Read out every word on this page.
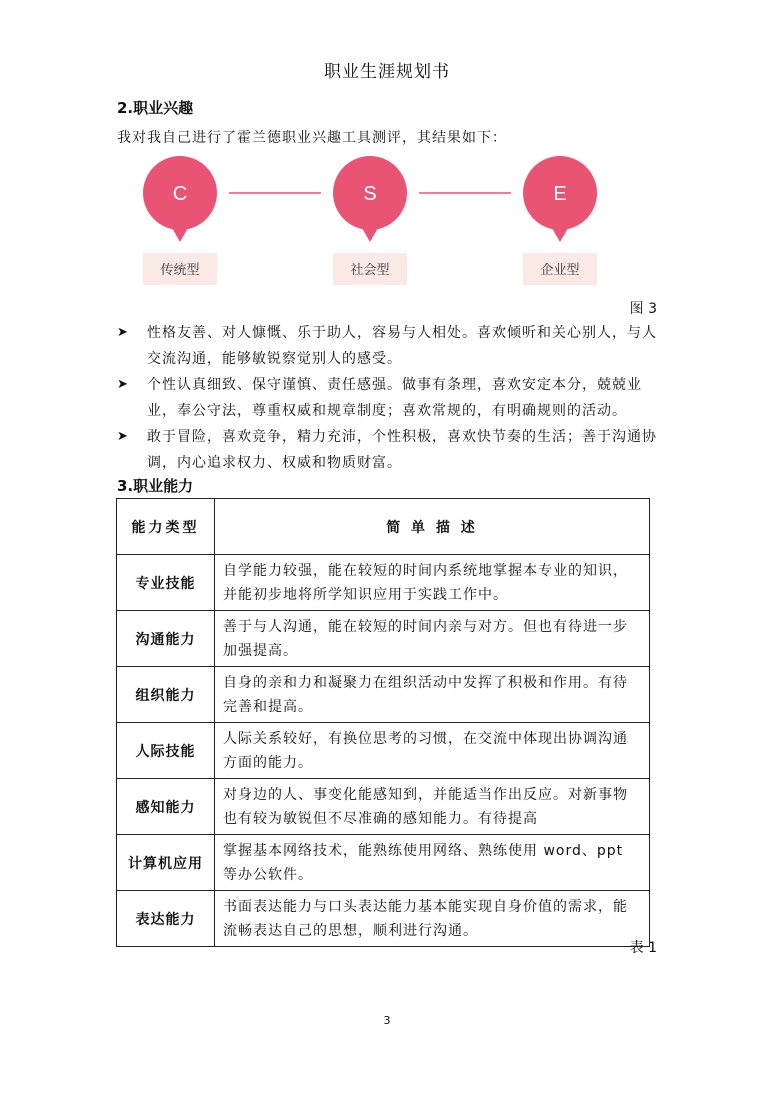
职业生涯规划书
2.职业兴趣
我对我自己进行了霍兰德职业兴趣工具测评，其结果如下：
C
传统型
S
社会型
E
企业型
图 3
➤ 性格友善、对人慷慨、乐于助人，容易与人相处。喜欢倾听和关心别人，与人交流沟通，能够敏锐察觉别人的感受。
➤ 个性认真细致、保守谨慎、责任感强。做事有条理，喜欢安定本分，兢兢业业，奉公守法，尊重权威和规章制度；喜欢常规的，有明确规则的活动。
➤ 敢于冒险，喜欢竞争，精力充沛，个性积极，喜欢快节奏的生活；善于沟通协调，内心追求权力、权威和物质财富。
3.职业能力
能力类型	简 单 描 述
专业技能	自学能力较强，能在较短的时间内系统地掌握本专业的知识，并能初步地将所学知识应用于实践工作中。
沟通能力	善于与人沟通，能在较短的时间内亲与对方。但也有待进一步加强提高。
组织能力	自身的亲和力和凝聚力在组织活动中发挥了积极和作用。有待完善和提高。
人际技能	人际关系较好，有换位思考的习惯，在交流中体现出协调沟通方面的能力。
感知能力	对身边的人、事变化能感知到，并能适当作出反应。对新事物也有较为敏锐但不尽准确的感知能力。有待提高
计算机应用	掌握基本网络技术，能熟练使用网络、熟练使用 word、ppt 等办公软件。
表达能力	书面表达能力与口头表达能力基本能实现自身价值的需求，能流畅表达自己的思想，顺利进行沟通。
表 1
3
